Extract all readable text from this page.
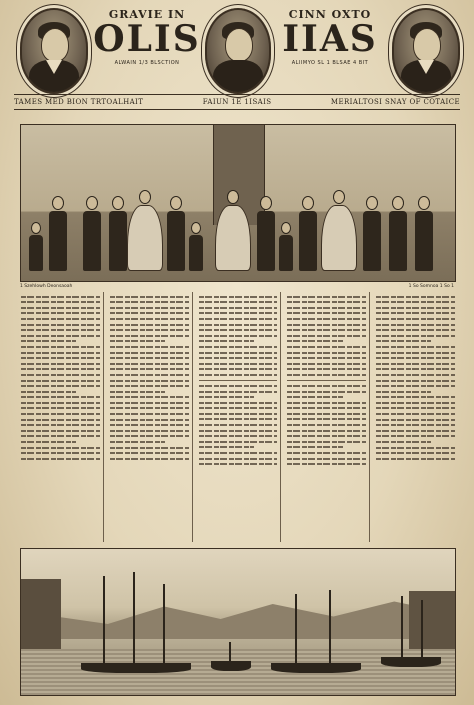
GRAVIE IN
OLIS
ALWAIN 1/3 BLSCTION
CINN OXTO
IIAS
ALIIMYO SL 1 BLSAE 4 BIT
TAMES MED BION TRTOALHAIT	FAIUN 1E 1ISAIS	MERIALTOSI SNAY OF COTAICE
1 Szehlowh Deonsaoah	1 So Somnoa 1 So 1
